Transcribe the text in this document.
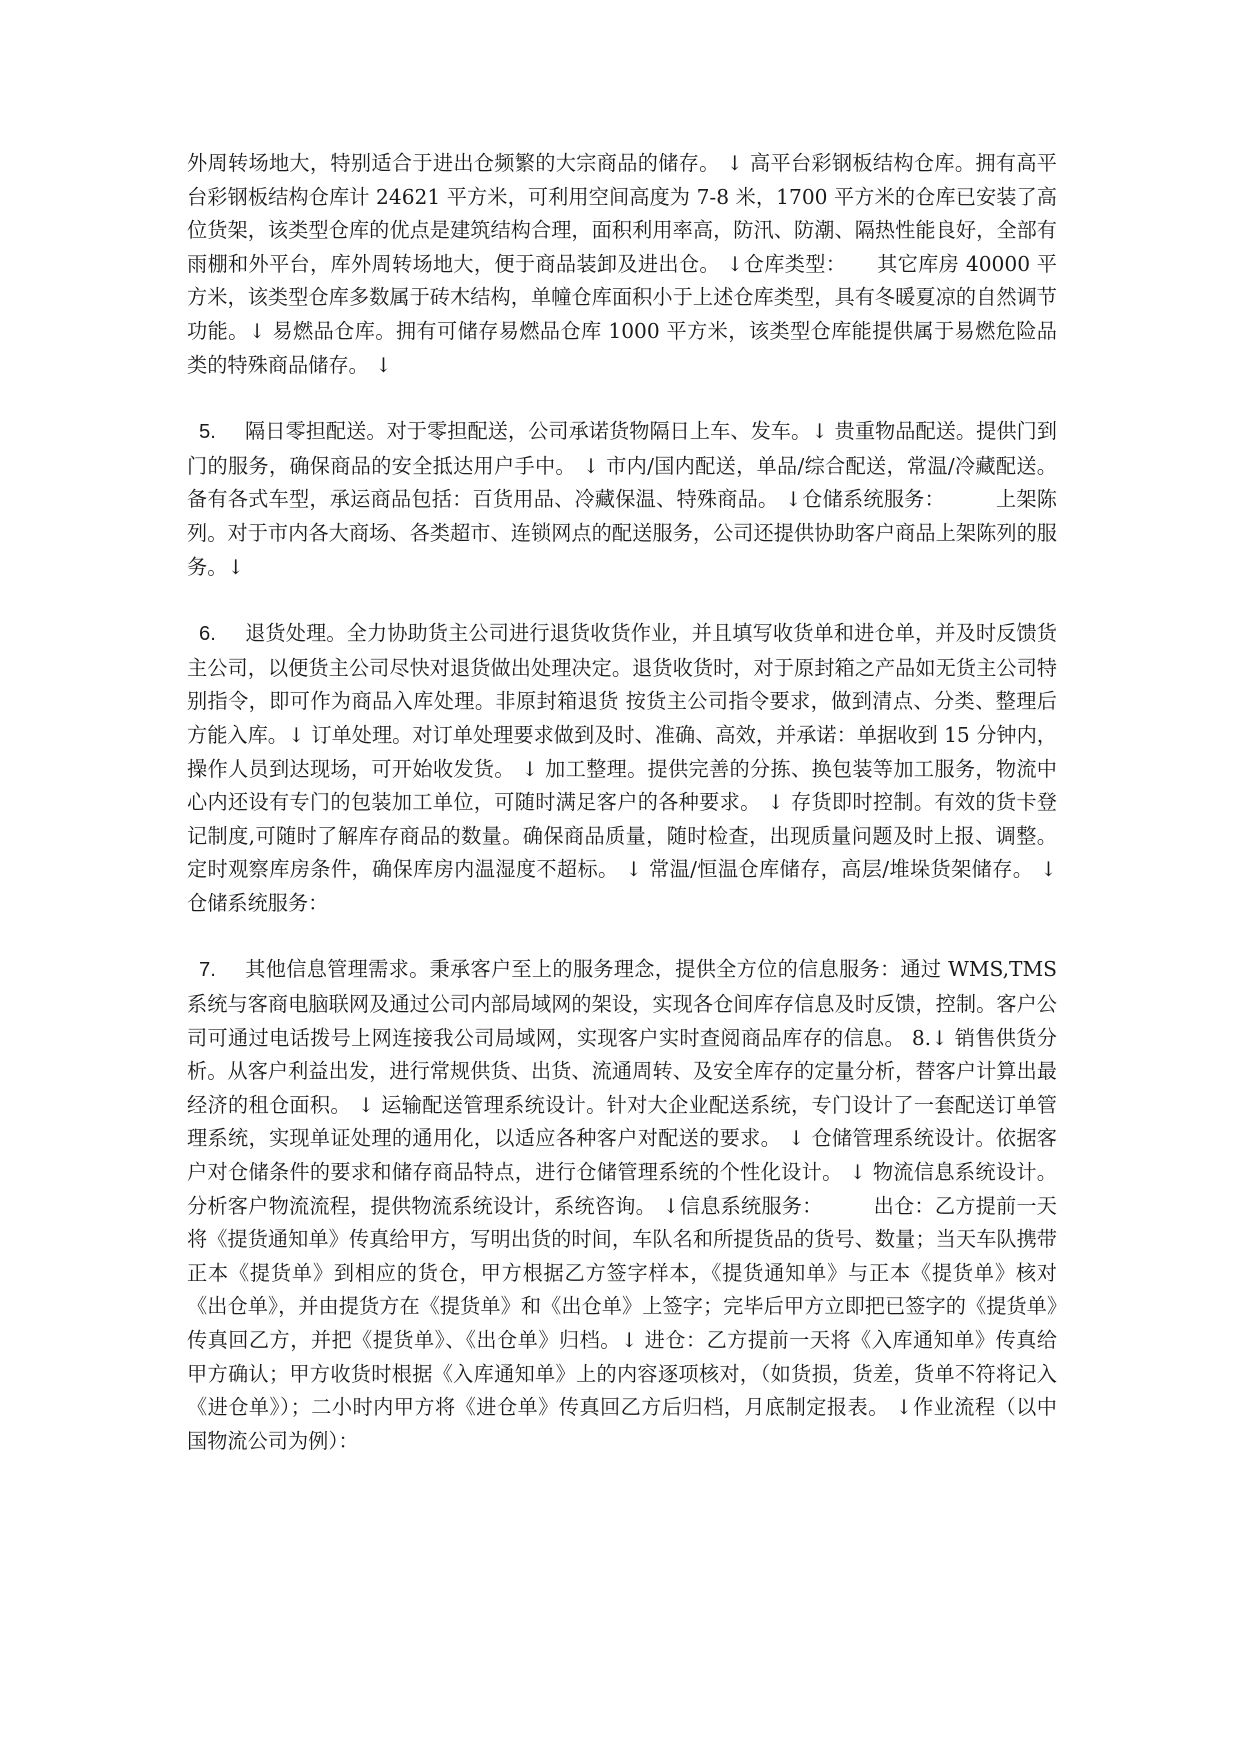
外周转场地大，特别适合于进出仓频繁的大宗商品的储存。 ↓ 高平台彩钢板结构仓库。拥有高平台彩钢板结构仓库计 24621 平方米，可利用空间高度为 7-8 米，1700 平方米的仓库已安装了高位货架，该类型仓库的优点是建筑结构合理，面积利用率高，防汛、防潮、隔热性能良好，全部有雨棚和外平台，库外周转场地大，便于商品装卸及进出仓。 ↓仓库类型：　　其它库房 40000 平方米，该类型仓库多数属于砖木结构，单幢仓库面积小于上述仓库类型，具有冬暖夏凉的自然调节功能。↓ 易燃品仓库。拥有可储存易燃品仓库 1000 平方米，该类型仓库能提供属于易燃危险品类的特殊商品储存。 ↓

5. 隔日零担配送。对于零担配送，公司承诺货物隔日上车、发车。↓ 贵重物品配送。提供门到门的服务，确保商品的安全抵达用户手中。 ↓ 市内/国内配送，单品/综合配送，常温/冷藏配送。备有各式车型，承运商品包括：百货用品、冷藏保温、特殊商品。 ↓仓储系统服务：　　　上架陈列。对于市内各大商场、各类超市、连锁网点的配送服务，公司还提供协助客户商品上架陈列的服务。↓

6. 退货处理。全力协助货主公司进行退货收货作业，并且填写收货单和进仓单，并及时反馈货主公司，以便货主公司尽快对退货做出处理决定。退货收货时，对于原封箱之产品如无货主公司特别指令，即可作为商品入库处理。非原封箱退货 按货主公司指令要求，做到清点、分类、整理后方能入库。↓ 订单处理。对订单处理要求做到及时、准确、高效，并承诺：单据收到 15 分钟内，操作人员到达现场，可开始收发货。 ↓ 加工整理。提供完善的分拣、换包装等加工服务，物流中心内还设有专门的包装加工单位，可随时满足客户的各种要求。 ↓ 存货即时控制。有效的货卡登记制度,可随时了解库存商品的数量。确保商品质量，随时检查，出现质量问题及时上报、调整。定时观察库房条件，确保库房内温湿度不超标。 ↓ 常温/恒温仓库储存，高层/堆垛货架储存。 ↓仓储系统服务：

7. 其他信息管理需求。秉承客户至上的服务理念，提供全方位的信息服务：通过 WMS,TMS 系统与客商电脑联网及通过公司内部局域网的架设，实现各仓间库存信息及时反馈，控制。客户公司可通过电话拨号上网连接我公司局域网，实现客户实时查阅商品库存的信息。 8.↓ 销售供货分析。从客户利益出发，进行常规供货、出货、流通周转、及安全库存的定量分析，替客户计算出最经济的租仓面积。 ↓ 运输配送管理系统设计。针对大企业配送系统，专门设计了一套配送订单管理系统，实现单证处理的通用化，以适应各种客户对配送的要求。 ↓ 仓储管理系统设计。依据客户对仓储条件的要求和储存商品特点，进行仓储管理系统的个性化设计。 ↓ 物流信息系统设计。分析客户物流流程，提供物流系统设计，系统咨询。 ↓信息系统服务：　　　出仓：乙方提前一天将《提货通知单》传真给甲方，写明出货的时间，车队名和所提货品的货号、数量；当天车队携带正本《提货单》到相应的货仓，甲方根据乙方签字样本，《提货通知单》与正本《提货单》核对《出仓单》，并由提货方在《提货单》和《出仓单》上签字；完毕后甲方立即把已签字的《提货单》传真回乙方，并把《提货单》、《出仓单》归档。↓ 进仓：乙方提前一天将《入库通知单》传真给甲方确认；甲方收货时根据《入库通知单》上的内容逐项核对，（如货损，货差，货单不符将记入《进仓单》）；二小时内甲方将《进仓单》传真回乙方后归档，月底制定报表。 ↓作业流程（以中国物流公司为例）：
